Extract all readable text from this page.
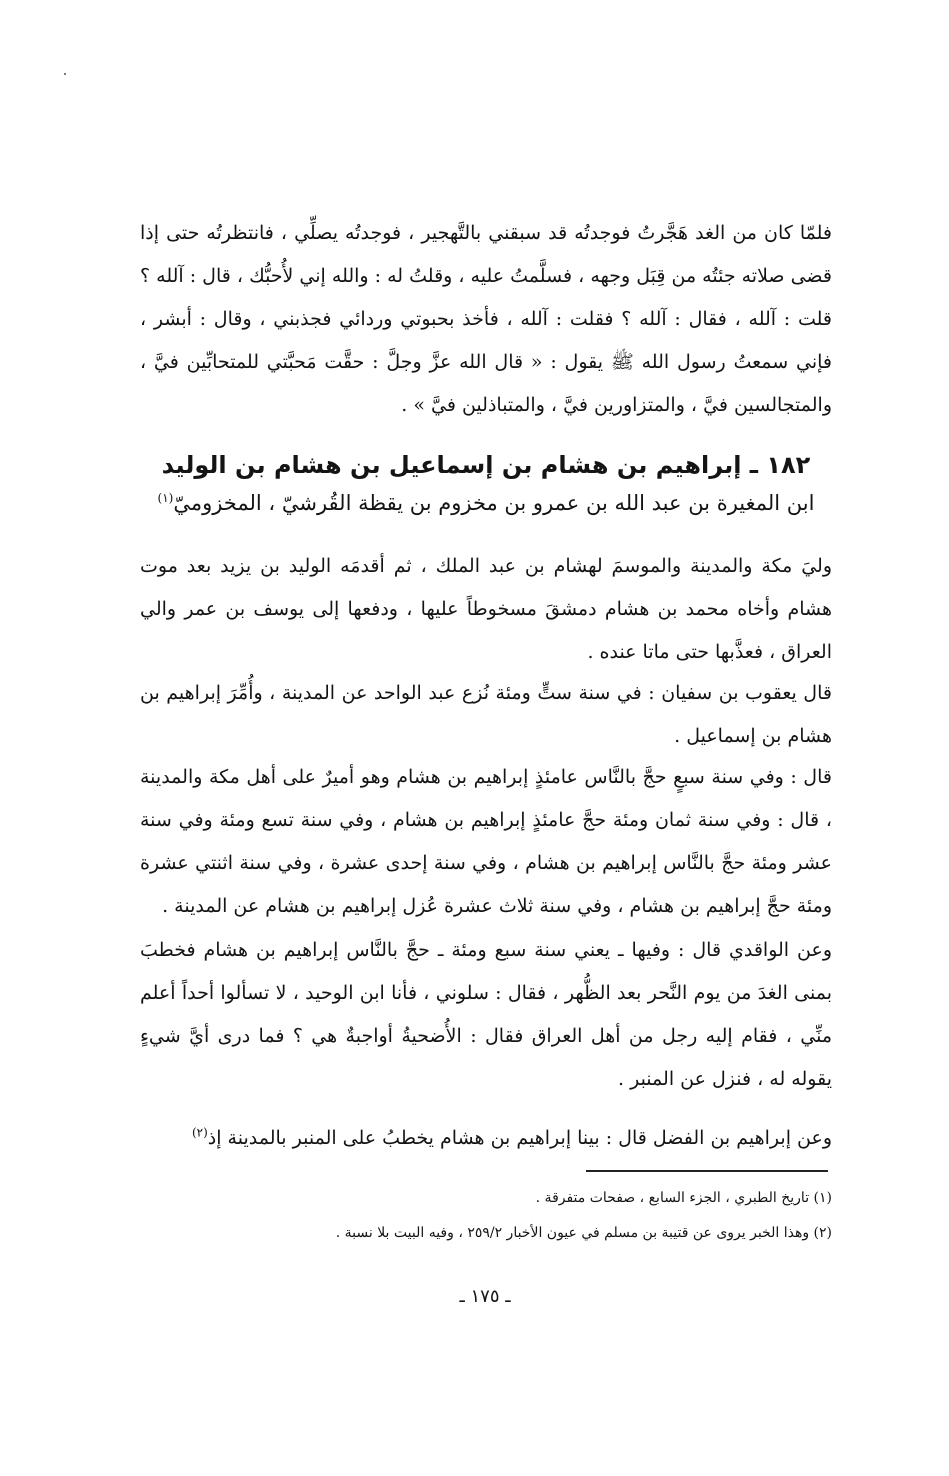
فلمّا كان من الغد هَجَّرتُ فوجدتُه قد سبقني بالتَّهجير ، فوجدتُه يصلِّي ، فانتظرتُه حتى إذا قضى صلاته جئتُه من قِبَل وجهه ، فسلَّمتُ عليه ، وقلتُ له : والله إني لأُحبُّك ، قال : آلله ؟ قلت : آلله ، فقال : آلله ؟ فقلت : آلله ، فأخذ بحبوتي وردائي فجذبني ، وقال : أبشر ، فإني سمعتُ رسول الله ﷺ يقول : « قال الله عزَّ وجلَّ : حقَّت مَحبَّتي للمتحابِّين فيَّ ، والمتجالسين فيَّ ، والمتزاورين فيَّ ، والمتباذلين فيَّ » .

١٨٢ ـ إبراهيم بن هشام بن إسماعيل بن هشام بن الوليد

ابن المغيرة بن عبد الله بن عمرو بن مخزوم بن يقظة القُرشيّ ، المخزوميّ$^{(١)}$

وليَ مكة والمدينة والموسمَ لهشام بن عبد الملك ، ثم أقدمَه الوليد بن يزيد بعد موت هشام وأخاه محمد بن هشام دمشقَ مسخوطاً عليها ، ودفعها إلى يوسف بن عمر والي العراق ، فعذَّبها حتى ماتا عنده .

قال يعقوب بن سفيان : في سنة ستٍّ ومئة نُزع عبد الواحد عن المدينة ، وأُمِّرَ إبراهيم بن هشام بن إسماعيل .

قال : وفي سنة سبعٍ حجَّ بالنَّاس عامئذٍ إبراهيم بن هشام وهو أميرٌ على أهل مكة والمدينة ، قال : وفي سنة ثمان ومئة حجَّ عامئذٍ إبراهيم بن هشام ، وفي سنة تسع ومئة وفي سنة عشر ومئة حجَّ بالنَّاس إبراهيم بن هشام ، وفي سنة إحدى عشرة ، وفي سنة اثنتي عشرة ومئة حجَّ إبراهيم بن هشام ، وفي سنة ثلاث عشرة عُزل إبراهيم بن هشام عن المدينة .

وعن الواقدي قال : وفيها ـ يعني سنة سبع ومئة ـ حجَّ بالنَّاس إبراهيم بن هشام فخطبَ بمنى الغدَ من يوم النَّحر بعد الظُّهر ، فقال : سلوني ، فأنا ابن الوحيد ، لا تسألوا أحداً أعلم منِّي ، فقام إليه رجل من أهل العراق فقال : الأُضحيةُ أواجبةٌ هي ؟ فما درى أيَّ شيءٍ يقوله له ، فنزل عن المنبر .

وعن إبراهيم بن الفضل قال : بينا إبراهيم بن هشام يخطبُ على المنبر بالمدينة إذ$^{(٢)}$

(١) تاريخ الطبري ، الجزء السابع ، صفحات متفرقة .

(٢) وهذا الخبر يروى عن قتيبة بن مسلم في عيون الأخبار ٢٥٩/٢ ، وفيه البيت بلا نسبة .

ـ ١٧٥ ـ
